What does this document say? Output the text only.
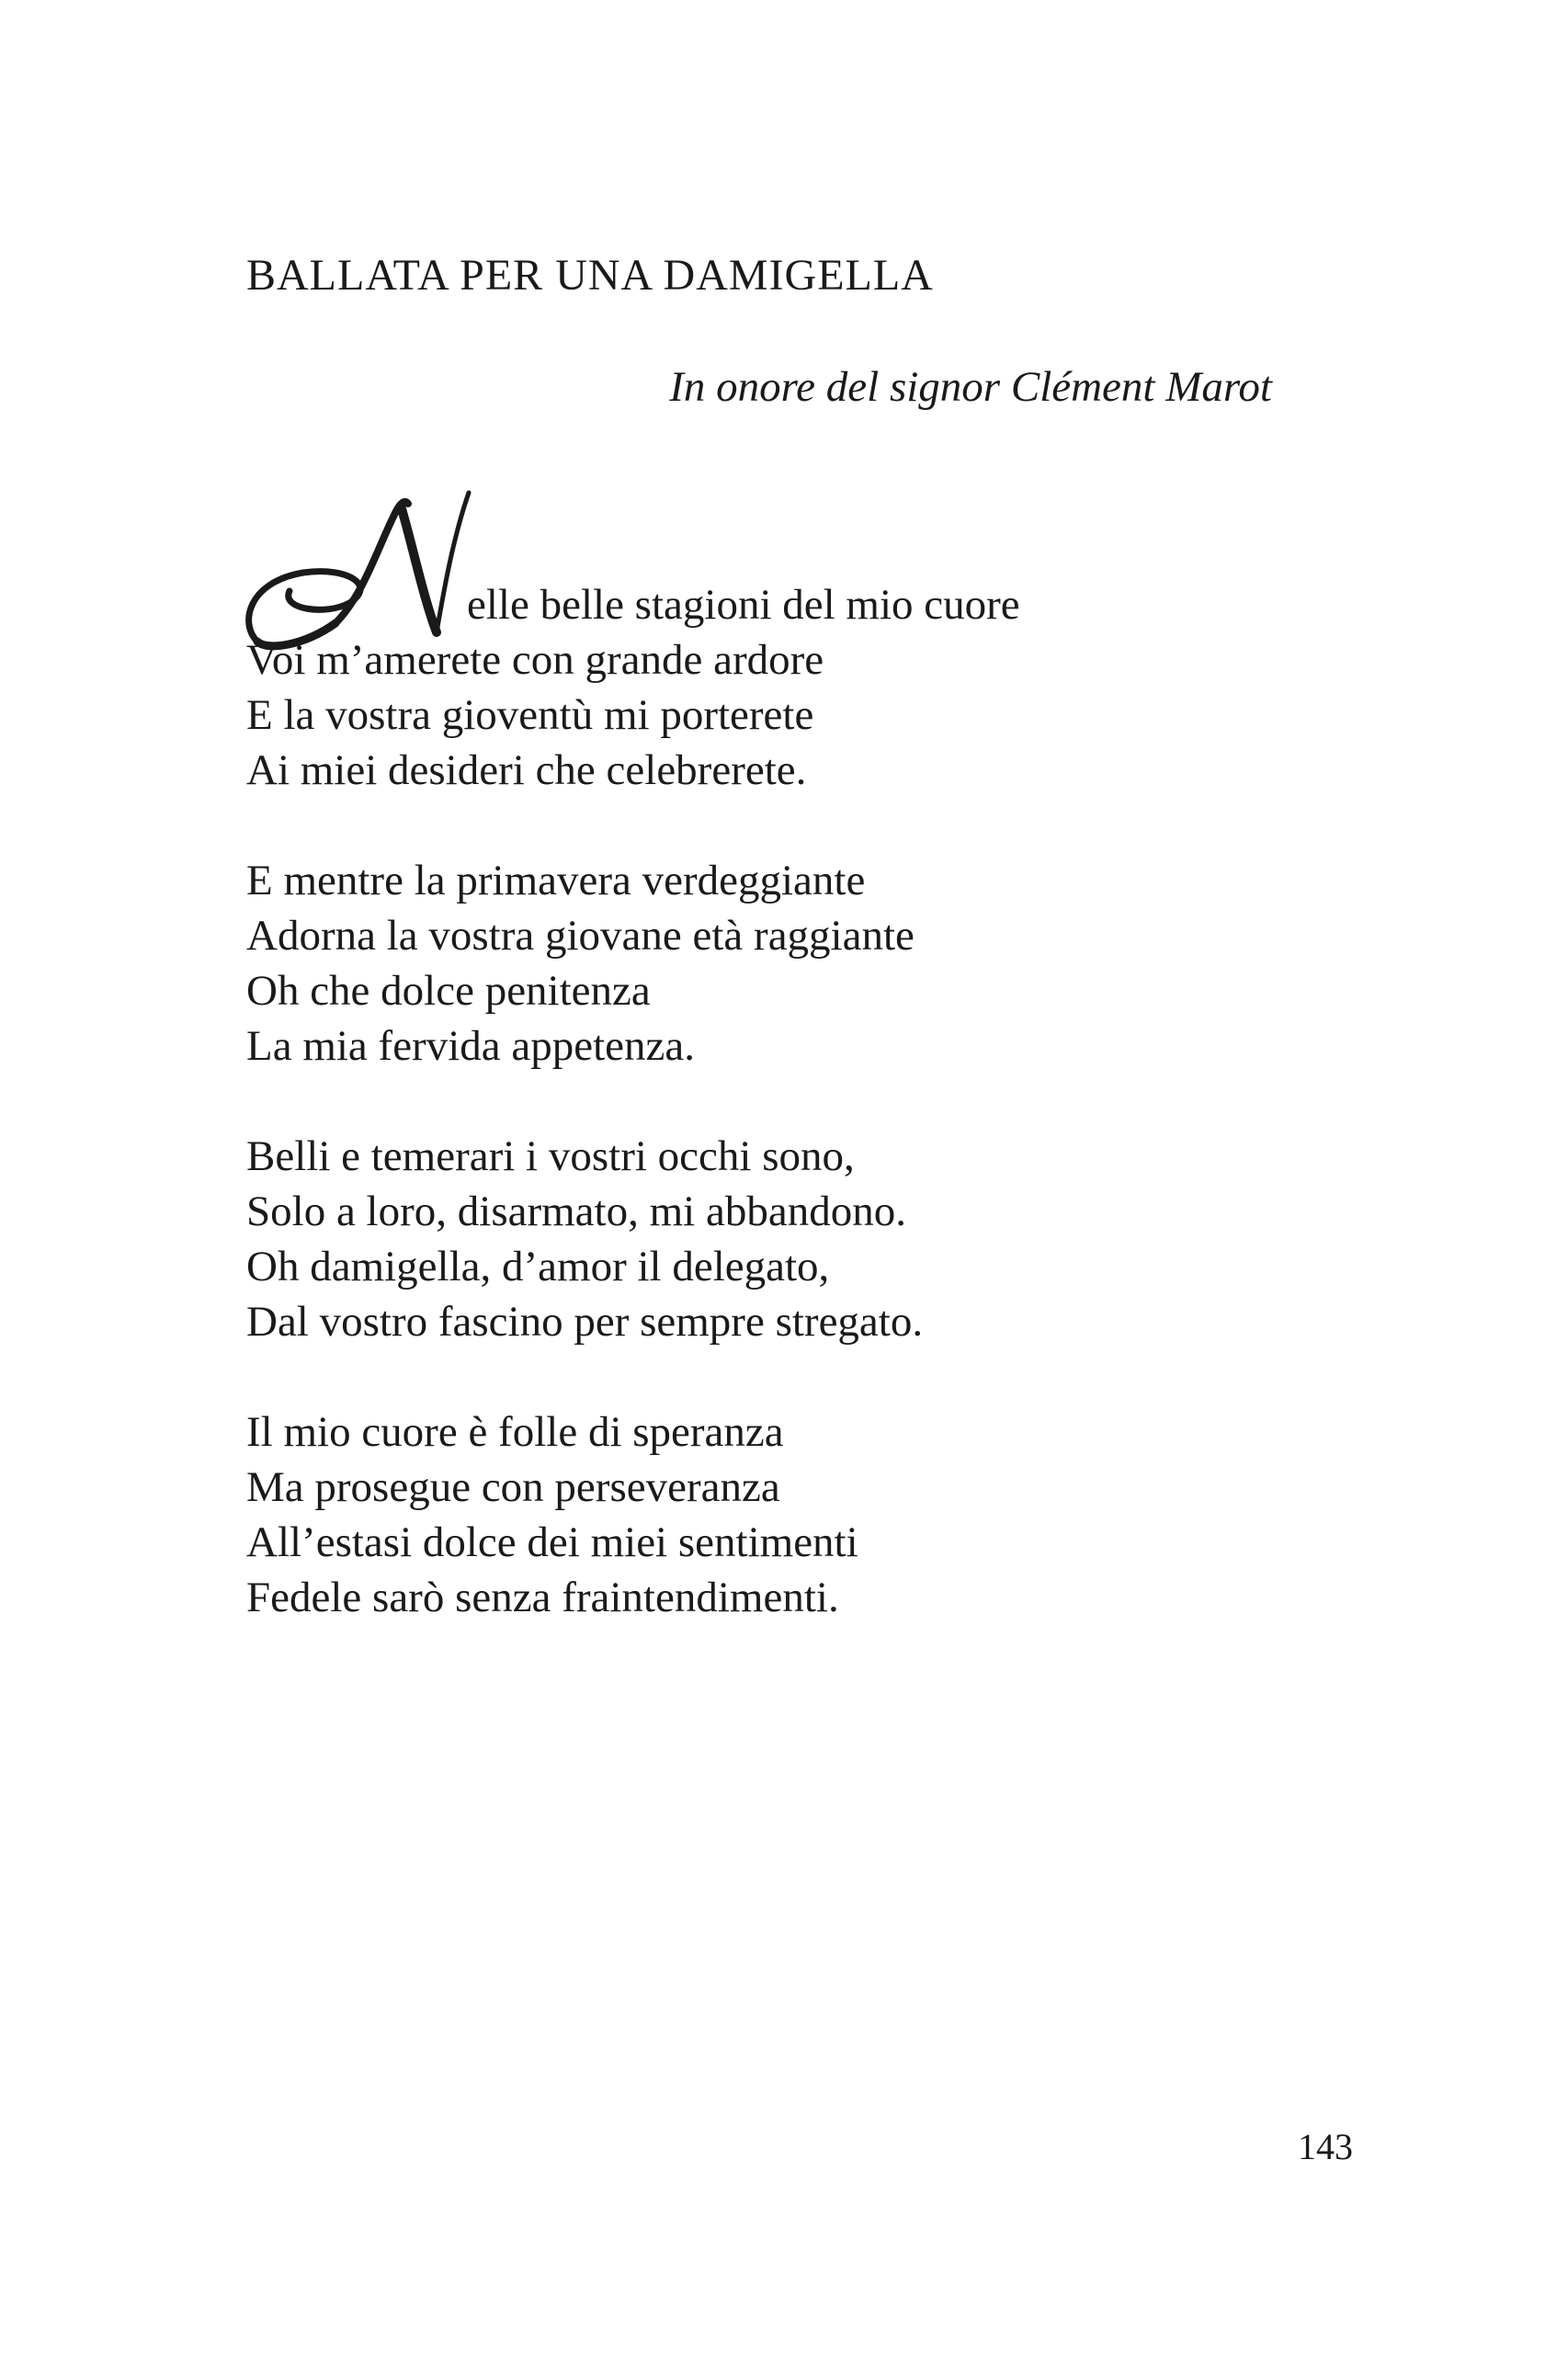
BALLATA PER UNA DAMIGELLA
In onore del signor Clément Marot
elle belle stagioni del mio cuore
Voi m’amerete con grande ardore
E la vostra gioventù mi porterete
Ai miei desideri che celebrerete.
E mentre la primavera verdeggiante
Adorna la vostra giovane età raggiante
Oh che dolce penitenza
La mia fervida appetenza.
Belli e temerari i vostri occhi sono,
Solo a loro, disarmato, mi abbandono.
Oh damigella, d’amor il delegato,
Dal vostro fascino per sempre stregato.
Il mio cuore è folle di speranza
Ma prosegue con perseveranza
All’estasi dolce dei miei sentimenti
Fedele sarò senza fraintendimenti.
143
